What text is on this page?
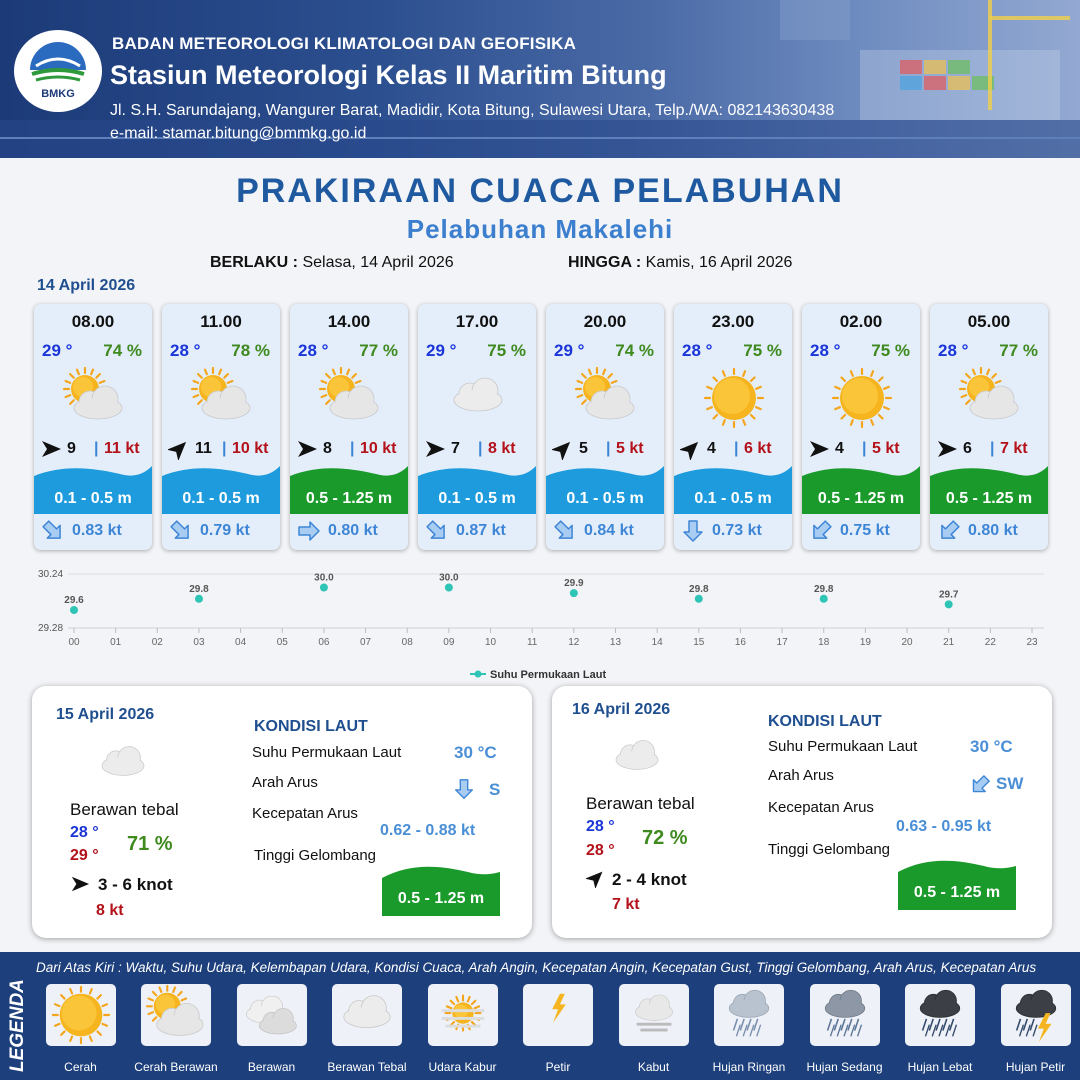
BMKG
BADAN METEOROLOGI KLIMATOLOGI DAN GEOFISIKA
Stasiun Meteorologi Kelas II Maritim Bitung
Jl. S.H. Sarundajang, Wangurer Barat, Madidir, Kota Bitung, Sulawesi Utara, Telp./WA: 082143630438
e-mail: stamar.bitung@bmmkg.go.id
PRAKIRAAN CUACA PELABUHAN
Pelabuhan Makalehi
BERLAKU : Selasa, 14 April 2026	HINGGA : Kamis, 16 April 2026
14 April 2026
08.00
29 ° 74 %
9 | 11 kt
0.1 - 0.5 m
0.83 kt
11.00
28 ° 78 %
11 | 10 kt
0.1 - 0.5 m
0.79 kt
14.00
28 ° 77 %
8 | 10 kt
0.5 - 1.25 m
0.80 kt
17.00
29 ° 75 %
7 | 8 kt
0.1 - 0.5 m
0.87 kt
20.00
29 ° 74 %
5 | 5 kt
0.1 - 0.5 m
0.84 kt
23.00
28 ° 75 %
4 | 6 kt
0.1 - 0.5 m
0.73 kt
02.00
28 ° 75 %
4 | 5 kt
0.5 - 1.25 m
0.75 kt
05.00
28 ° 77 %
6 | 7 kt
0.5 - 1.25 m
0.80 kt
00	01	02	03	04	05	06	07	08	09	10	11	12	13	14	15	16	17	18	19	20	21	22	23
30.24
29.28
29.6
29.8
30.0	30.0
29.9
29.8	29.8
29.7
Suhu Permukaan Laut
15 April 2026
Berawan tebal
28 °
29 °
71 %
3 - 6 knot
8 kt
KONDISI LAUT
Suhu Permukaan Laut	30 °C
Arah Arus	S
Kecepatan Arus
0.62 - 0.88 kt
Tinggi Gelombang
0.5 - 1.25 m
16 April 2026
Berawan tebal
28 °
28 °
72 %
2 - 4 knot
7 kt
KONDISI LAUT
Suhu Permukaan Laut	30 °C
Arah Arus	SW
Kecepatan Arus
0.63 - 0.95 kt
Tinggi Gelombang
0.5 - 1.25 m
LEGENDA
Dari Atas Kiri : Waktu, Suhu Udara, Kelembapan Udara, Kondisi Cuaca, Arah Angin, Kecepatan Angin, Kecepatan Gust, Tinggi Gelombang, Arah Arus, Kecepatan Arus
Cerah	Cerah Berawan	Berawan	Berawan Tebal	Udara Kabur	Petir	Kabut	Hujan Ringan	Hujan Sedang	Hujan Lebat	Hujan Petir
